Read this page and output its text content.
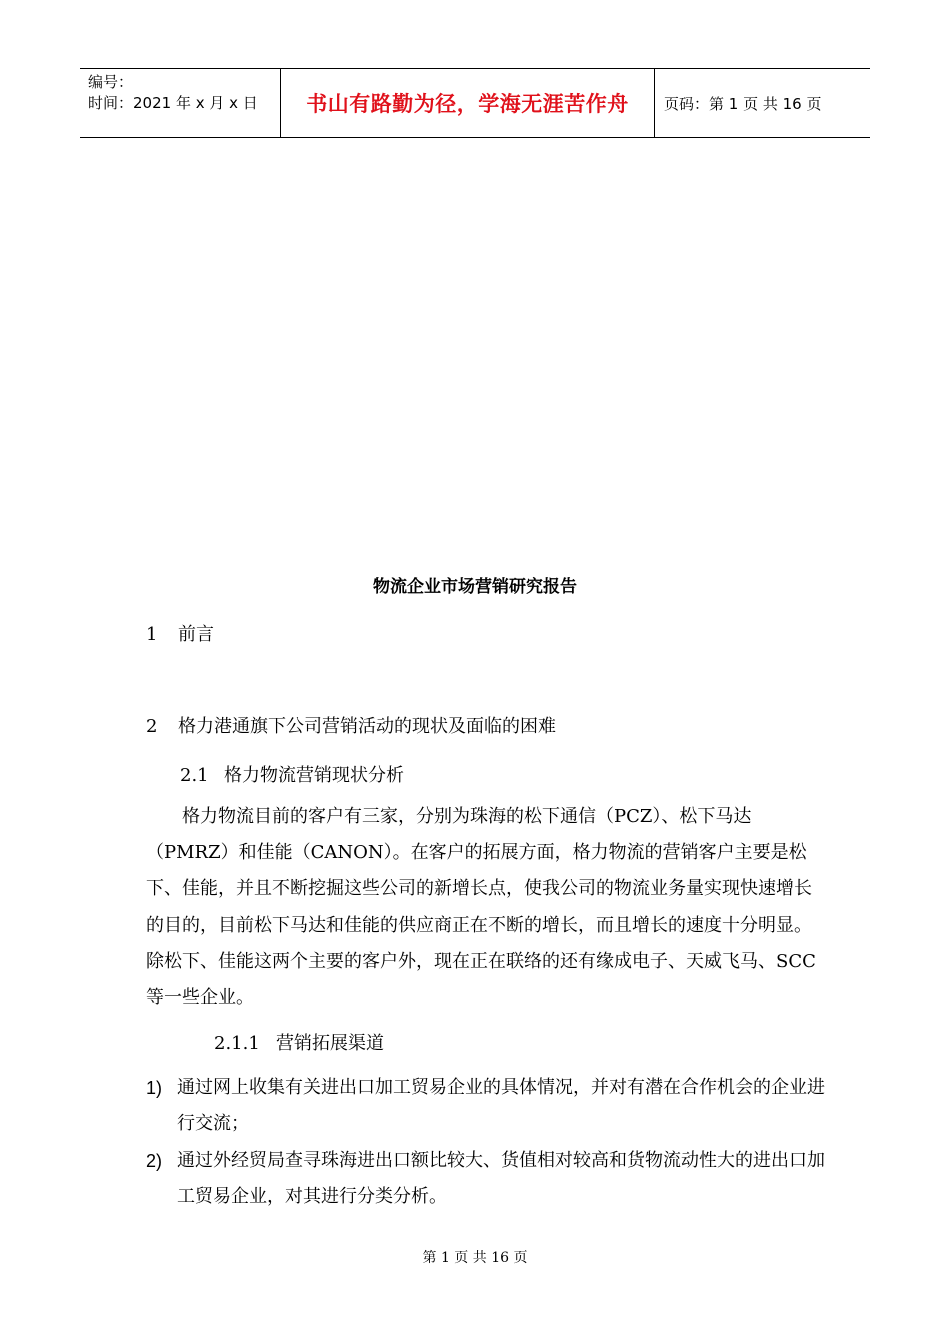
编号：
时间：2021 年 x 月 x 日	书山有路勤为径，学海无涯苦作舟	页码：第 1 页 共 16 页
物流企业市场营销研究报告
1 前言
2 格力港通旗下公司营销活动的现状及面临的困难
2.1 格力物流营销现状分析

格力物流目前的客户有三家，分别为珠海的松下通信（PCZ）、松下马达（PMRZ）和佳能（CANON）。在客户的拓展方面，格力物流的营销客户主要是松下、佳能，并且不断挖掘这些公司的新增长点，使我公司的物流业务量实现快速增长的目的，目前松下马达和佳能的供应商正在不断的增长，而且增长的速度十分明显。除松下、佳能这两个主要的客户外，现在正在联络的还有缘成电子、天威飞马、SCC 等一些企业。

2.1.1 营销拓展渠道
1) 通过网上收集有关进出口加工贸易企业的具体情况，并对有潜在合作机会的企业进行交流；
2) 通过外经贸局查寻珠海进出口额比较大、货值相对较高和货物流动性大的进出口加工贸易企业，对其进行分类分析。
第 1 页 共 16 页
